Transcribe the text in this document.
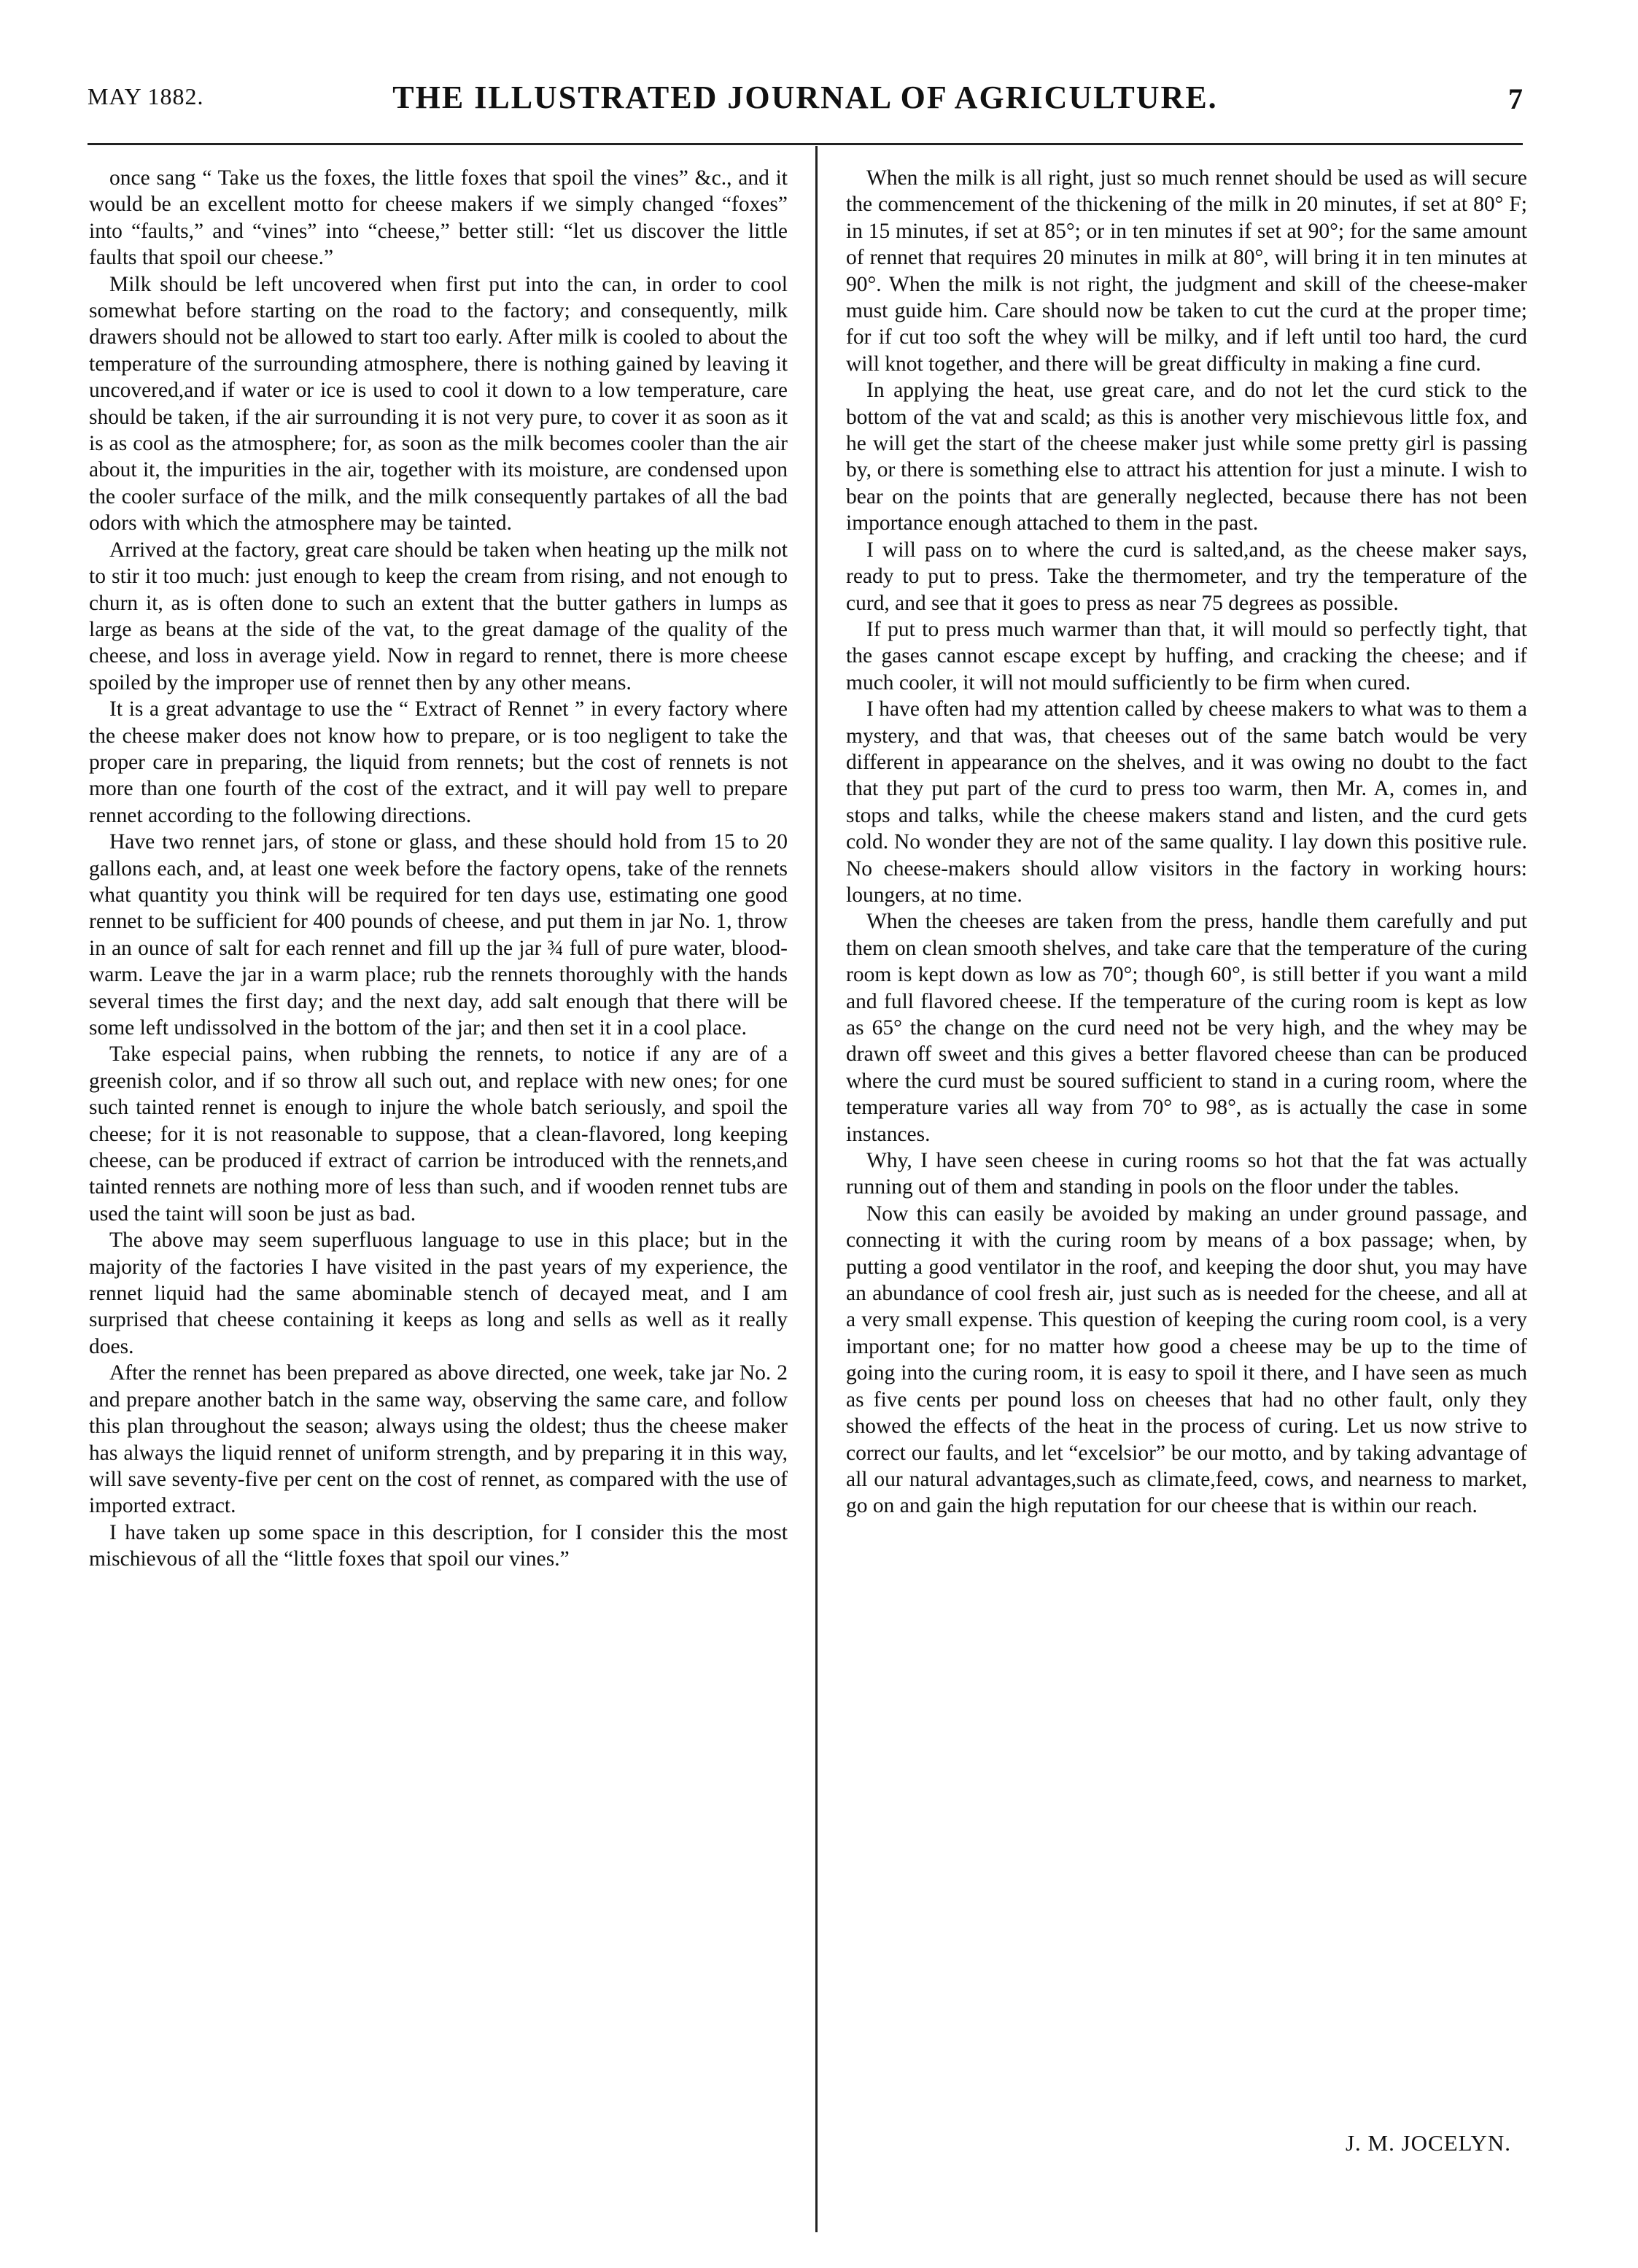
MAY 1882.	THE ILLUSTRATED JOURNAL OF AGRICULTURE.	7

once sang “ Take us the foxes, the little foxes that spoil the vines” &c., and it would be an excellent motto for cheese makers if we simply changed “foxes” into “faults,” and “vines” into “cheese,” better still: “let us discover the little faults that spoil our cheese.”

Milk should be left uncovered when first put into the can, in order to cool somewhat before starting on the road to the factory; and consequently, milk drawers should not be allowed to start too early. After milk is cooled to about the temperature of the surrounding atmosphere, there is nothing gained by leaving it uncovered,and if water or ice is used to cool it down to a low temperature, care should be taken, if the air surrounding it is not very pure, to cover it as soon as it is as cool as the atmosphere; for, as soon as the milk becomes cooler than the air about it, the impurities in the air, together with its moisture, are condensed upon the cooler surface of the milk, and the milk consequently partakes of all the bad odors with which the atmosphere may be tainted.

Arrived at the factory, great care should be taken when heating up the milk not to stir it too much: just enough to keep the cream from rising, and not enough to churn it, as is often done to such an extent that the butter gathers in lumps as large as beans at the side of the vat, to the great damage of the quality of the cheese, and loss in average yield. Now in regard to rennet, there is more cheese spoiled by the improper use of rennet then by any other means.

It is a great advantage to use the “ Extract of Rennet ” in every factory where the cheese maker does not know how to prepare, or is too negligent to take the proper care in preparing, the liquid from rennets; but the cost of rennets is not more than one fourth of the cost of the extract, and it will pay well to prepare rennet according to the following directions.

Have two rennet jars, of stone or glass, and these should hold from 15 to 20 gallons each, and, at least one week before the factory opens, take of the rennets what quantity you think will be required for ten days use, estimating one good rennet to be sufficient for 400 pounds of cheese, and put them in jar No. 1, throw in an ounce of salt for each rennet and fill up the jar ¾ full of pure water, blood-warm. Leave the jar in a warm place; rub the rennets thoroughly with the hands several times the first day; and the next day, add salt enough that there will be some left undissolved in the bottom of the jar; and then set it in a cool place.

Take especial pains, when rubbing the rennets, to notice if any are of a greenish color, and if so throw all such out, and replace with new ones; for one such tainted rennet is enough to injure the whole batch seriously, and spoil the cheese; for it is not reasonable to suppose, that a clean-flavored, long keeping cheese, can be produced if extract of carrion be introduced with the rennets,and tainted rennets are nothing more of less than such, and if wooden rennet tubs are used the taint will soon be just as bad.

The above may seem superfluous language to use in this place; but in the majority of the factories I have visited in the past years of my experience, the rennet liquid had the same abominable stench of decayed meat, and I am surprised that cheese containing it keeps as long and sells as well as it really does.

After the rennet has been prepared as above directed, one week, take jar No. 2 and prepare another batch in the same way, observing the same care, and follow this plan throughout the season; always using the oldest; thus the cheese maker has always the liquid rennet of uniform strength, and by preparing it in this way, will save seventy-five per cent on the cost of rennet, as compared with the use of imported extract.

I have taken up some space in this description, for I consider this the most mischievous of all the “little foxes that spoil our vines.”

When the milk is all right, just so much rennet should be used as will secure the commencement of the thickening of the milk in 20 minutes, if set at 80° F; in 15 minutes, if set at 85°; or in ten minutes if set at 90°; for the same amount of rennet that requires 20 minutes in milk at 80°, will bring it in ten minutes at 90°. When the milk is not right, the judgment and skill of the cheese-maker must guide him. Care should now be taken to cut the curd at the proper time; for if cut too soft the whey will be milky, and if left until too hard, the curd will knot together, and there will be great difficulty in making a fine curd.

In applying the heat, use great care, and do not let the curd stick to the bottom of the vat and scald; as this is another very mischievous little fox, and he will get the start of the cheese maker just while some pretty girl is passing by, or there is something else to attract his attention for just a minute. I wish to bear on the points that are generally neglected, because there has not been importance enough attached to them in the past.

I will pass on to where the curd is salted,and, as the cheese maker says, ready to put to press. Take the thermometer, and try the temperature of the curd, and see that it goes to press as near 75 degrees as possible.

If put to press much warmer than that, it will mould so perfectly tight, that the gases cannot escape except by huffing, and cracking the cheese; and if much cooler, it will not mould sufficiently to be firm when cured.

I have often had my attention called by cheese makers to what was to them a mystery, and that was, that cheeses out of the same batch would be very different in appearance on the shelves, and it was owing no doubt to the fact that they put part of the curd to press too warm, then Mr. A, comes in, and stops and talks, while the cheese makers stand and listen, and the curd gets cold. No wonder they are not of the same quality. I lay down this positive rule. No cheese-makers should allow visitors in the factory in working hours: loungers, at no time.

When the cheeses are taken from the press, handle them carefully and put them on clean smooth shelves, and take care that the temperature of the curing room is kept down as low as 70°; though 60°, is still better if you want a mild and full flavored cheese. If the temperature of the curing room is kept as low as 65° the change on the curd need not be very high, and the whey may be drawn off sweet and this gives a better flavored cheese than can be produced where the curd must be soured sufficient to stand in a curing room, where the temperature varies all way from 70° to 98°, as is actually the case in some instances.

Why, I have seen cheese in curing rooms so hot that the fat was actually running out of them and standing in pools on the floor under the tables.

Now this can easily be avoided by making an under ground passage, and connecting it with the curing room by means of a box passage; when, by putting a good ventilator in the roof, and keeping the door shut, you may have an abundance of cool fresh air, just such as is needed for the cheese, and all at a very small expense. This question of keeping the curing room cool, is a very important one; for no matter how good a cheese may be up to the time of going into the curing room, it is easy to spoil it there, and I have seen as much as five cents per pound loss on cheeses that had no other fault, only they showed the effects of the heat in the process of curing. Let us now strive to correct our faults, and let “excelsior” be our motto, and by taking advantage of all our natural advantages,such as climate,feed, cows, and nearness to market, go on and gain the high reputation for our cheese that is within our reach.

J. M. JOCELYN.
